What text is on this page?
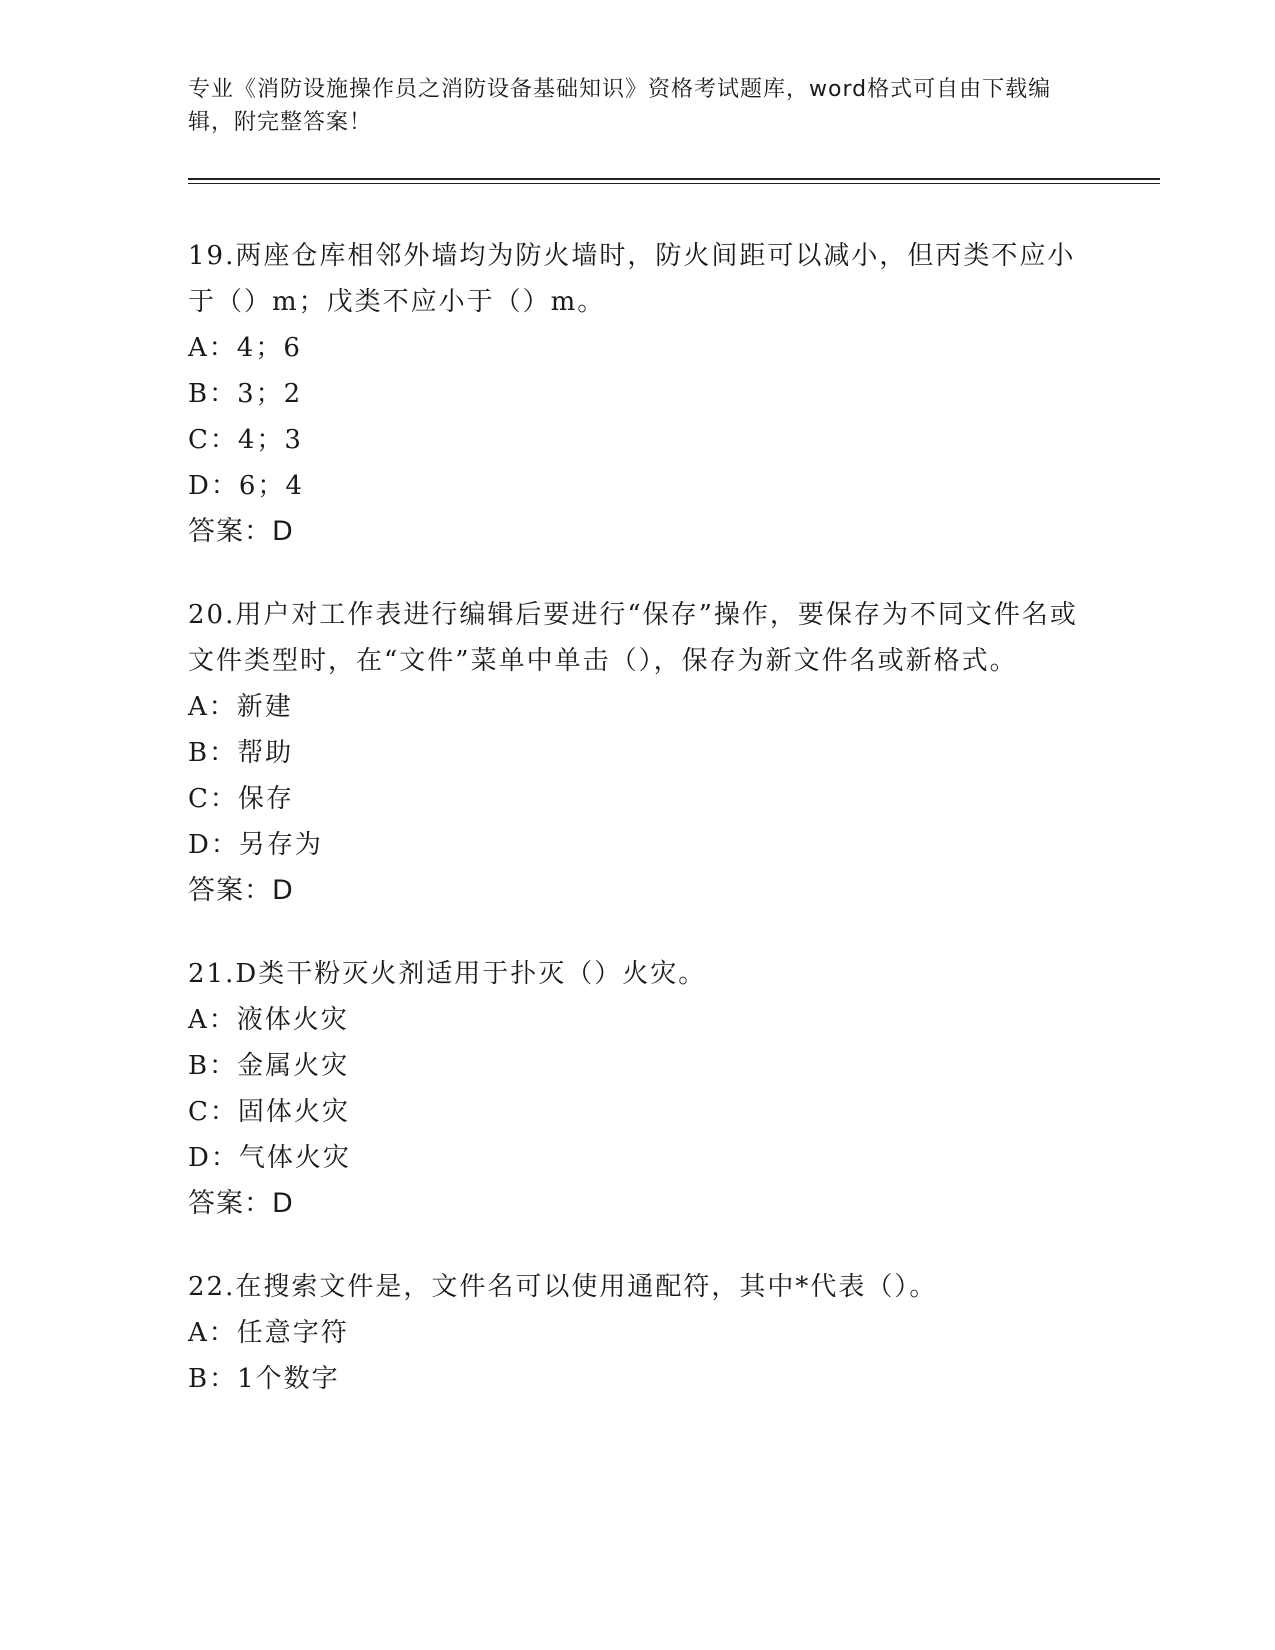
专业《消防设施操作员之消防设备基础知识》资格考试题库，word格式可自由下载编辑，附完整答案！

19.两座仓库相邻外墙均为防火墙时，防火间距可以减小，但丙类不应小于（）m；戊类不应小于（）m。

A：4；6

B：3；2

C：4；3

D：6；4

答案：D

20.用户对工作表进行编辑后要进行“保存”操作，要保存为不同文件名或文件类型时，在“文件”菜单中单击（），保存为新文件名或新格式。

A：新建

B：帮助

C：保存

D：另存为

答案：D

21.D类干粉灭火剂适用于扑灭（）火灾。

A：液体火灾

B：金属火灾

C：固体火灾

D：气体火灾

答案：D

22.在搜索文件是，文件名可以使用通配符，其中*代表（）。

A：任意字符

B：1个数字
